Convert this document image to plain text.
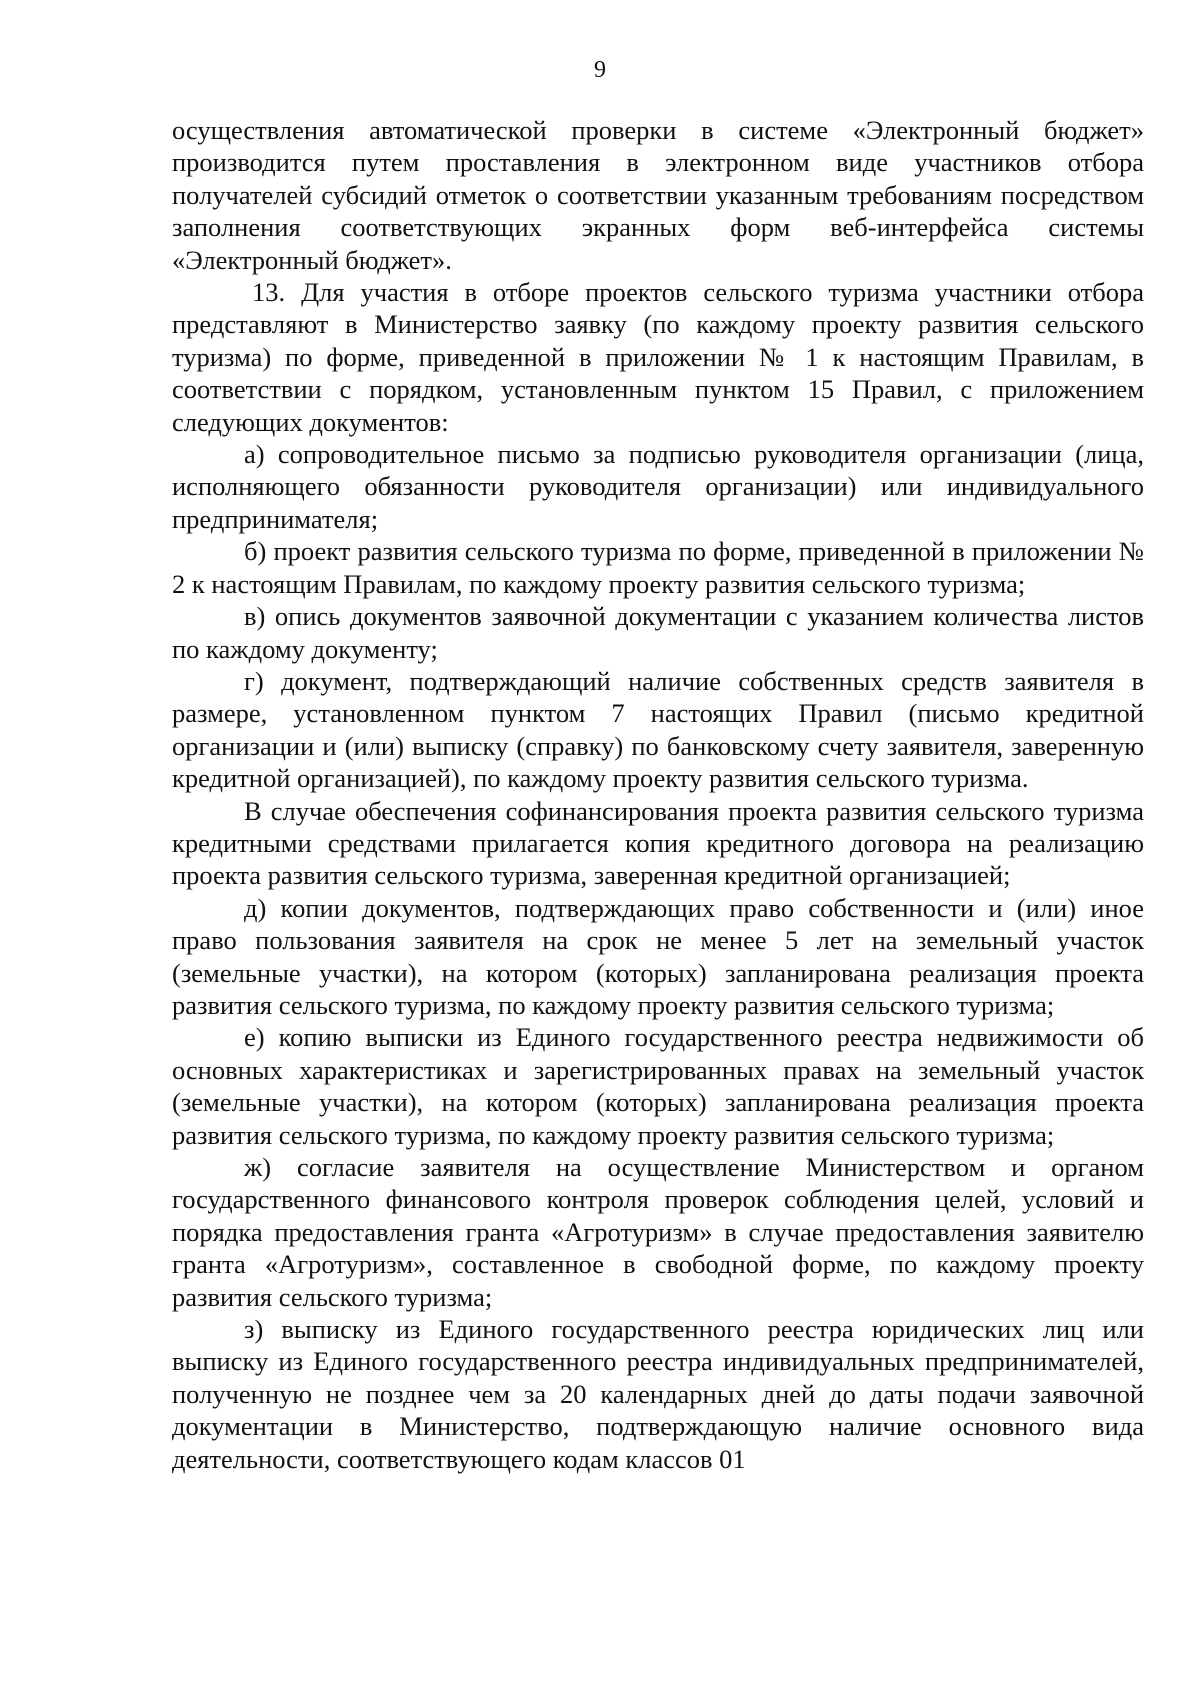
9

осуществления автоматической проверки в системе «Электронный бюджет» производится путем проставления в электронном виде участников отбора получателей субсидий отметок о соответствии указанным требованиям посредством заполнения соответствующих экранных форм веб-интерфейса системы «Электронный бюджет».

13. Для участия в отборе проектов сельского туризма участники отбора представляют в Министерство заявку (по каждому проекту развития сельского туризма) по форме, приведенной в приложении № 1 к настоящим Правилам, в соответствии с порядком, установленным пунктом 15 Правил, с приложением следующих документов:

а) сопроводительное письмо за подписью руководителя организации (лица, исполняющего обязанности руководителя организации) или индивидуального предпринимателя;

б) проект развития сельского туризма по форме, приведенной в приложении № 2 к настоящим Правилам, по каждому проекту развития сельского туризма;

в) опись документов заявочной документации с указанием количества листов по каждому документу;

г) документ, подтверждающий наличие собственных средств заявителя в размере, установленном пунктом 7 настоящих Правил (письмо кредитной организации и (или) выписку (справку) по банковскому счету заявителя, заверенную кредитной организацией), по каждому проекту развития сельского туризма.

В случае обеспечения софинансирования проекта развития сельского туризма кредитными средствами прилагается копия кредитного договора на реализацию проекта развития сельского туризма, заверенная кредитной организацией;

д) копии документов, подтверждающих право собственности и (или) иное право пользования заявителя на срок не менее 5 лет на земельный участок (земельные участки), на котором (которых) запланирована реализация проекта развития сельского туризма, по каждому проекту развития сельского туризма;

е) копию выписки из Единого государственного реестра недвижимости об основных характеристиках и зарегистрированных правах на земельный участок (земельные участки), на котором (которых) запланирована реализация проекта развития сельского туризма, по каждому проекту развития сельского туризма;

ж) согласие заявителя на осуществление Министерством и органом государственного финансового контроля проверок соблюдения целей, условий и порядка предоставления гранта «Агротуризм» в случае предоставления заявителю гранта «Агротуризм», составленное в свободной форме, по каждому проекту развития сельского туризма;

з) выписку из Единого государственного реестра юридических лиц или выписку из Единого государственного реестра индивидуальных предпринимателей, полученную не позднее чем за 20 календарных дней до даты подачи заявочной документации в Министерство, подтверждающую наличие основного вида деятельности, соответствующего кодам классов 01
